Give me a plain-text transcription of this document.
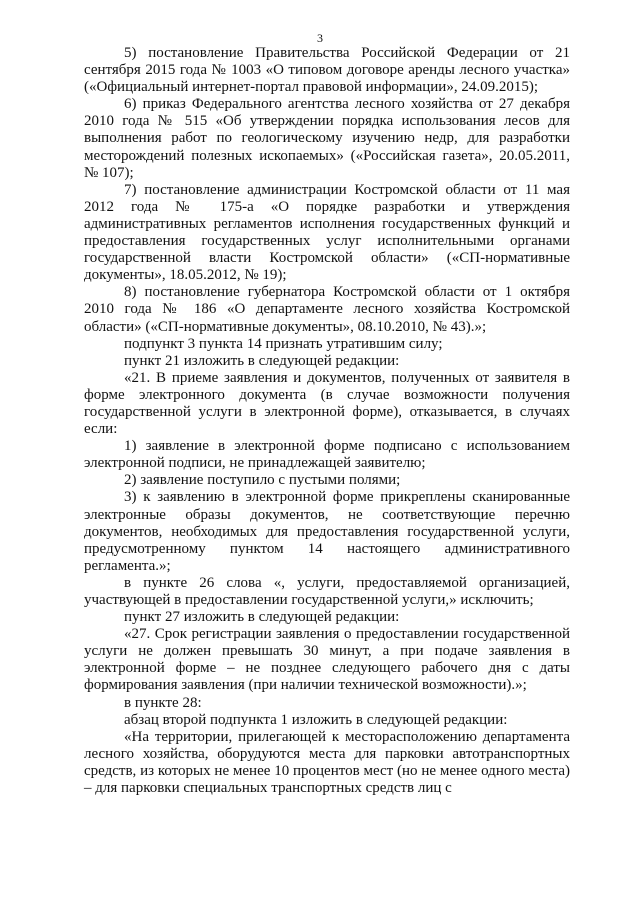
3

5) постановление Правительства Российской Федерации от 21 сентября 2015 года № 1003 «О типовом договоре аренды лесного участка» («Официальный интернет-портал правовой информации», 24.09.2015);

6) приказ Федерального агентства лесного хозяйства от 27 декабря 2010 года № 515 «Об утверждении порядка использования лесов для выполнения работ по геологическому изучению недр, для разработки месторождений полезных ископаемых» («Российская газета», 20.05.2011, № 107);

7) постановление администрации Костромской области от 11 мая 2012 года № 175-а «О порядке разработки и утверждения административных регламентов исполнения государственных функций и предоставления государственных услуг исполнительными органами государственной власти Костромской области» («СП-нормативные документы», 18.05.2012, № 19);

8) постановление губернатора Костромской области от 1 октября 2010 года № 186 «О департаменте лесного хозяйства Костромской области» («СП-нормативные документы», 08.10.2010, № 43).»;

подпункт 3 пункта 14 признать утратившим силу;

пункт 21 изложить в следующей редакции:

«21. В приеме заявления и документов, полученных от заявителя в форме электронного документа (в случае возможности получения государственной услуги в электронной форме), отказывается, в случаях если:

1) заявление в электронной форме подписано с использованием электронной подписи, не принадлежащей заявителю;

2) заявление поступило с пустыми полями;

3) к заявлению в электронной форме прикреплены сканированные электронные образы документов, не соответствующие перечню документов, необходимых для предоставления государственной услуги, предусмотренному пунктом 14 настоящего административного регламента.»;

в пункте 26 слова «, услуги, предоставляемой организацией, участвующей в предоставлении государственной услуги,» исключить;

пункт 27 изложить в следующей редакции:

«27. Срок регистрации заявления о предоставлении государственной услуги не должен превышать 30 минут, а при подаче заявления в электронной форме – не позднее следующего рабочего дня с даты формирования заявления (при наличии технической возможности).»;

в пункте 28:

абзац второй подпункта 1 изложить в следующей редакции:

«На территории, прилегающей к месторасположению департамента лесного хозяйства, оборудуются места для парковки автотранспортных средств, из которых не менее 10 процентов мест (но не менее одного места) – для парковки специальных транспортных средств лиц с
